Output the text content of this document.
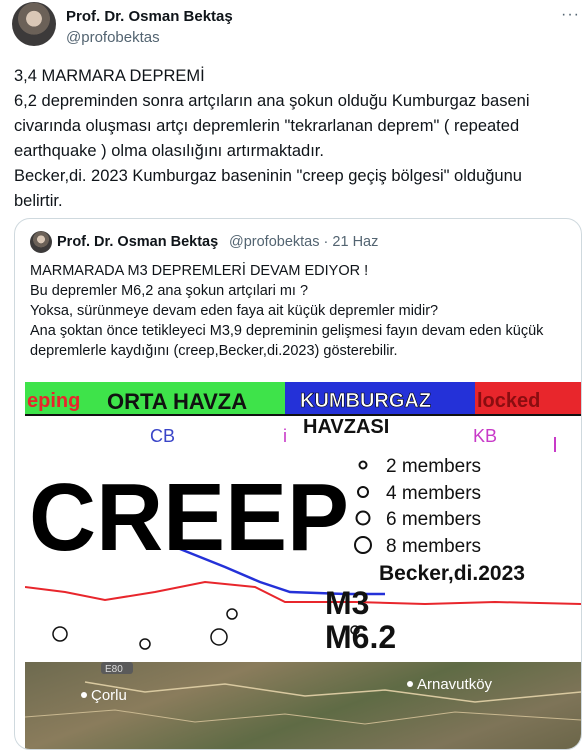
Prof. Dr. Osman Bektaş
@profobektas
···
3,4 MARMARA DEPREMİ
6,2 depreminden sonra artçıların ana şokun olduğu Kumburgaz baseni civarında oluşması artçı depremlerin "tekrarlanan deprem" ( repeated earthquake ) olma olasılığını artırmaktadır.
Becker,di. 2023 Kumburgaz baseninin "creep geçiş bölgesi" olduğunu belirtir.
Prof. Dr. Osman Bektaş @profobektas · 21 Haz
MARMARADA M3 DEPREMLERİ DEVAM EDIYOR !
Bu depremler M6,2 ana şokun artçılari mı ?
Yoksa, sürünmeye devam eden faya ait küçük depremler midir?
Ana şoktan önce tetikleyeci M3,9 depreminin gelişmesi fayın devam eden küçük depremlerle kaydığını (creep,Becker,di.2023) gösterebilir.
eping ORTA HAVZA	KUMBURGAZ
HAVZASI
locked
CB	i	KB
CREEP 2 members
4 members
6 members
8 members
Becker,di.2023
M3
M6.2
E80
Çorlu
Arnavutköy
